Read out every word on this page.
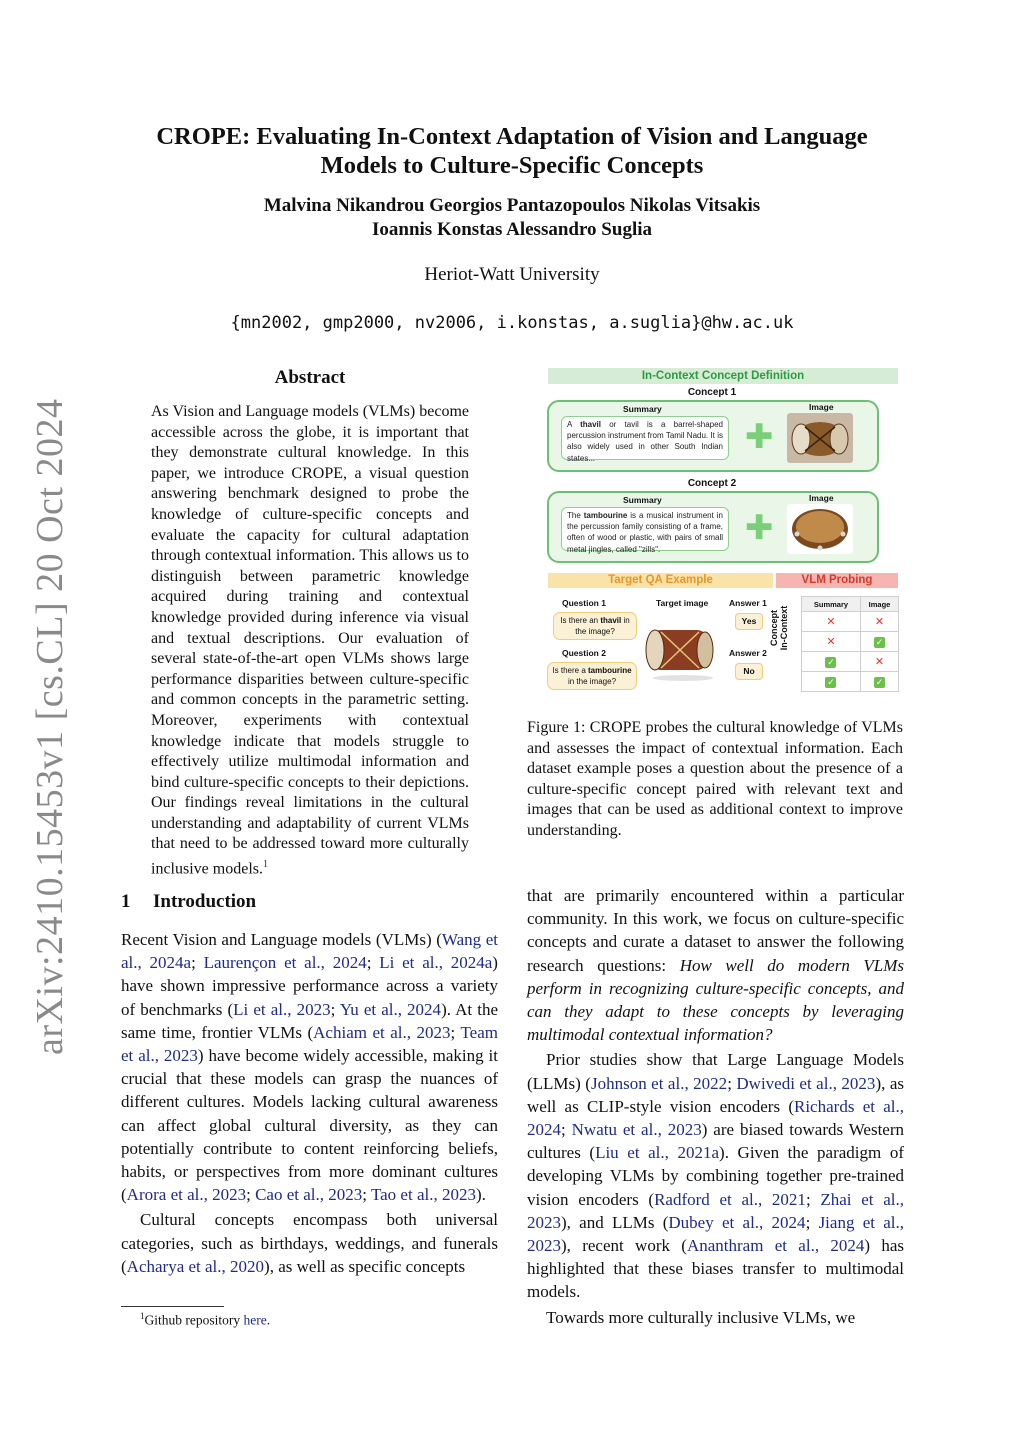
arXiv:2410.15453v1 [cs.CL] 20 Oct 2024
CROPE: Evaluating In-Context Adaptation of Vision and Language
Models to Culture-Specific Concepts
Malvina Nikandrou Georgios Pantazopoulos Nikolas Vitsakis
Ioannis Konstas Alessandro Suglia
Heriot-Watt University
{mn2002, gmp2000, nv2006, i.konstas, a.suglia}@hw.ac.uk
Abstract
As Vision and Language models (VLMs) become accessible across the globe, it is important that they demonstrate cultural knowledge. In this paper, we introduce CROPE, a visual question answering benchmark designed to probe the knowledge of culture-specific concepts and evaluate the capacity for cultural adaptation through contextual information. This allows us to distinguish between parametric knowledge acquired during training and contextual knowledge provided during inference via visual and textual descriptions. Our evaluation of several state-of-the-art open VLMs shows large performance disparities between culture-specific and common concepts in the parametric setting. Moreover, experiments with contextual knowledge indicate that models struggle to effectively utilize multimodal information and bind culture-specific concepts to their depictions. Our findings reveal limitations in the cultural understanding and adaptability of current VLMs that need to be addressed toward more culturally inclusive models.$^1$
1 Introduction

Recent Vision and Language models (VLMs) (Wang et al., 2024a; Laurençon et al., 2024; Li et al., 2024a) have shown impressive performance across a variety of benchmarks (Li et al., 2023; Yu et al., 2024). At the same time, frontier VLMs (Achiam et al., 2023; Team et al., 2023) have become widely accessible, making it crucial that these models can grasp the nuances of different cultures. Models lacking cultural awareness can affect global cultural diversity, as they can potentially contribute to content reinforcing beliefs, habits, or perspectives from more dominant cultures (Arora et al., 2023; Cao et al., 2023; Tao et al., 2023).

Cultural concepts encompass both universal categories, such as birthdays, weddings, and funerals (Acharya et al., 2020), as well as specific concepts

$^1$Github repository here.
In-Context Concept Definition
Concept 1
Summary	Image
A thavil or tavil is a barrel-shaped percussion instrument from Tamil Nadu. It is also widely used in other South Indian states...
✚
Concept 2
Summary	Image
The tambourine is a musical instrument in the percussion family consisting of a frame, often of wood or plastic, with pairs of small metal jingles, called "zills".
✚
Target QA Example	VLM Probing
Question 1
Is there an thavil in the image?
Question 2
Is there a tambourine in the image?
Target image Answer 1
Yes
Answer 2
No
Concept In-Context
Summary	Image
✕	✕
✕	✓
✓	✕
✓	✓
Figure 1: CROPE probes the cultural knowledge of VLMs and assesses the impact of contextual information. Each dataset example poses a question about the presence of a culture-specific concept paired with relevant text and images that can be used as additional context to improve understanding.

that are primarily encountered within a particular community. In this work, we focus on culture-specific concepts and curate a dataset to answer the following research questions: How well do modern VLMs perform in recognizing culture-specific concepts, and can they adapt to these concepts by leveraging multimodal contextual information?

Prior studies show that Large Language Models (LLMs) (Johnson et al., 2022; Dwivedi et al., 2023), as well as CLIP-style vision encoders (Richards et al., 2024; Nwatu et al., 2023) are biased towards Western cultures (Liu et al., 2021a). Given the paradigm of developing VLMs by combining together pre-trained vision encoders (Radford et al., 2021; Zhai et al., 2023), and LLMs (Dubey et al., 2024; Jiang et al., 2023), recent work (Ananthram et al., 2024) has highlighted that these biases transfer to multimodal models.

Towards more culturally inclusive VLMs, we
